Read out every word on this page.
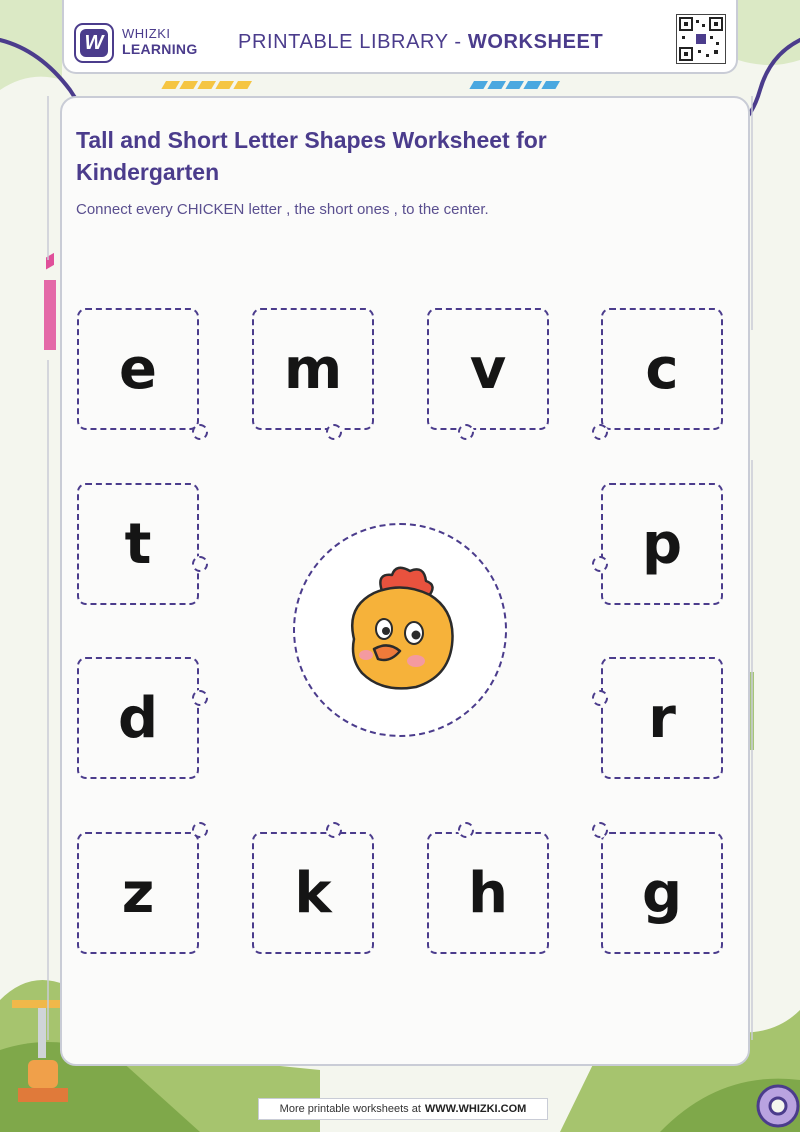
W	WHIZKI
LEARNING PRINTABLE LIBRARY - WORKSHEET
Tall and Short Letter Shapes Worksheet for Kindergarten
Connect every CHICKEN letter , the short ones , to the center.
e	m	v	c
t	p
d	r
z	k	h	g
More printable worksheets at WWW.WHIZKI.COM
